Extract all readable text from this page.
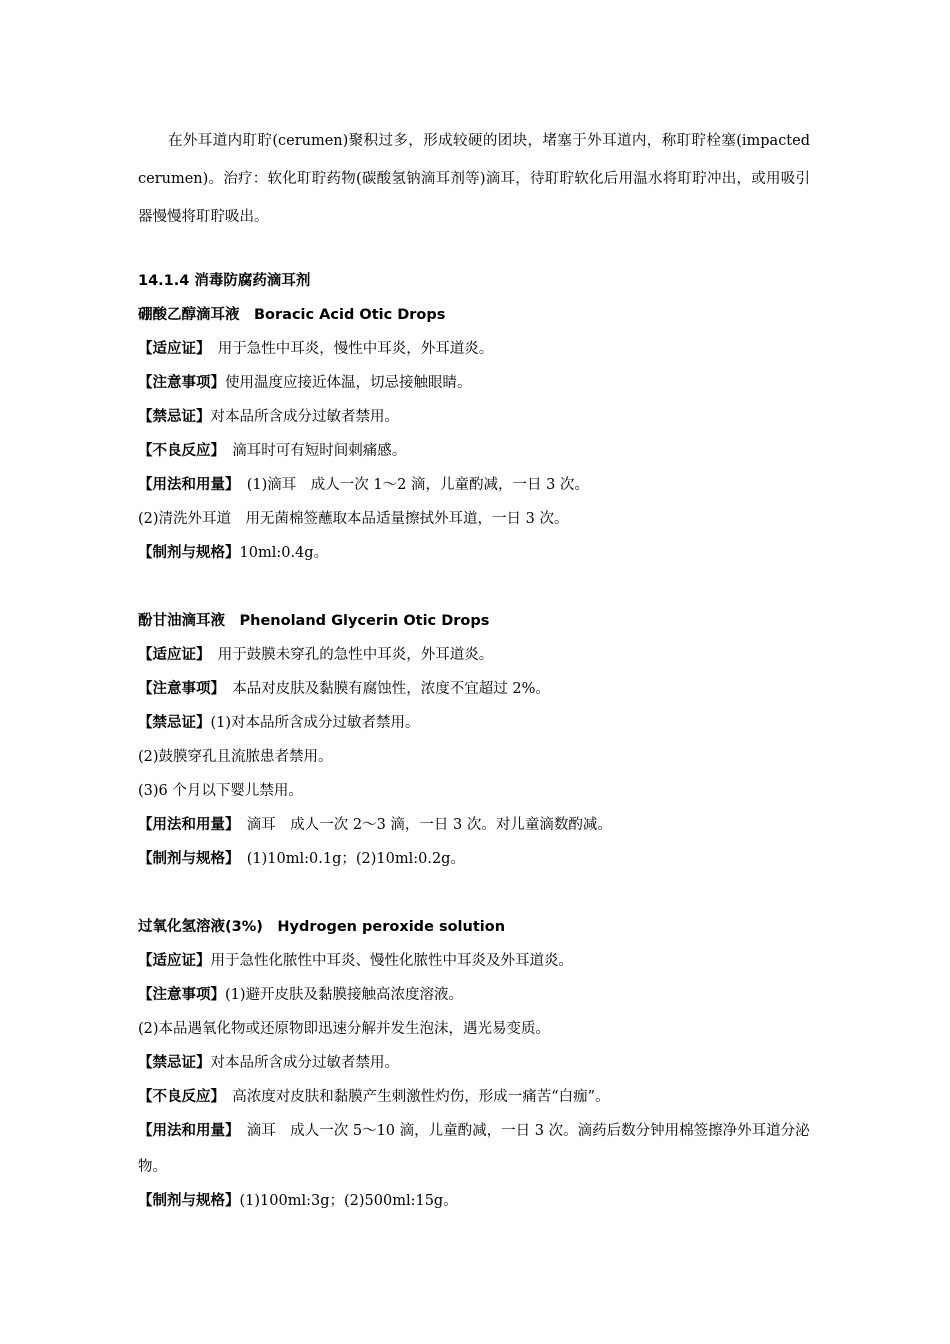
在外耳道内耵聍(cerumen)聚积过多，形成较硬的团块，堵塞于外耳道内，称耵聍栓塞(impacted cerumen)。治疗：软化耵聍药物(碳酸氢钠滴耳剂等)滴耳，待耵聍软化后用温水将耵聍冲出，或用吸引器慢慢将耵聍吸出。

14.1.4 消毒防腐药滴耳剂

硼酸乙醇滴耳液　Boracic Acid Otic Drops

【适应证】　用于急性中耳炎，慢性中耳炎，外耳道炎。

【注意事项】使用温度应接近体温，切忌接触眼睛。

【禁忌证】对本品所含成分过敏者禁用。

【不良反应】　滴耳时可有短时间刺痛感。

【用法和用量】　(1)滴耳　成人一次 1～2 滴，儿童酌减，一日 3 次。

(2)清洗外耳道　用无菌棉签蘸取本品适量擦拭外耳道，一日 3 次。

【制剂与规格】10ml:0.4g。

酚甘油滴耳液　Phenoland Glycerin Otic Drops

【适应证】　用于鼓膜未穿孔的急性中耳炎，外耳道炎。

【注意事项】　本品对皮肤及黏膜有腐蚀性，浓度不宜超过 2%。

【禁忌证】(1)对本品所含成分过敏者禁用。

(2)鼓膜穿孔且流脓患者禁用。

(3)6 个月以下婴儿禁用。

【用法和用量】　滴耳　成人一次 2～3 滴，一日 3 次。对儿童滴数酌减。

【制剂与规格】　(1)10ml:0.1g；(2)10ml:0.2g。

过氧化氢溶液(3%)　Hydrogen peroxide solution

【适应证】用于急性化脓性中耳炎、慢性化脓性中耳炎及外耳道炎。

【注意事项】(1)避开皮肤及黏膜接触高浓度溶液。

(2)本品遇氧化物或还原物即迅速分解并发生泡沫，遇光易变质。

【禁忌证】对本品所含成分过敏者禁用。

【不良反应】　高浓度对皮肤和黏膜产生刺激性灼伤，形成一痛苦“白痂”。

【用法和用量】　滴耳　成人一次 5～10 滴，儿童酌减，一日 3 次。滴药后数分钟用棉签擦净外耳道分泌物。

【制剂与规格】(1)100ml:3g；(2)500ml:15g。
